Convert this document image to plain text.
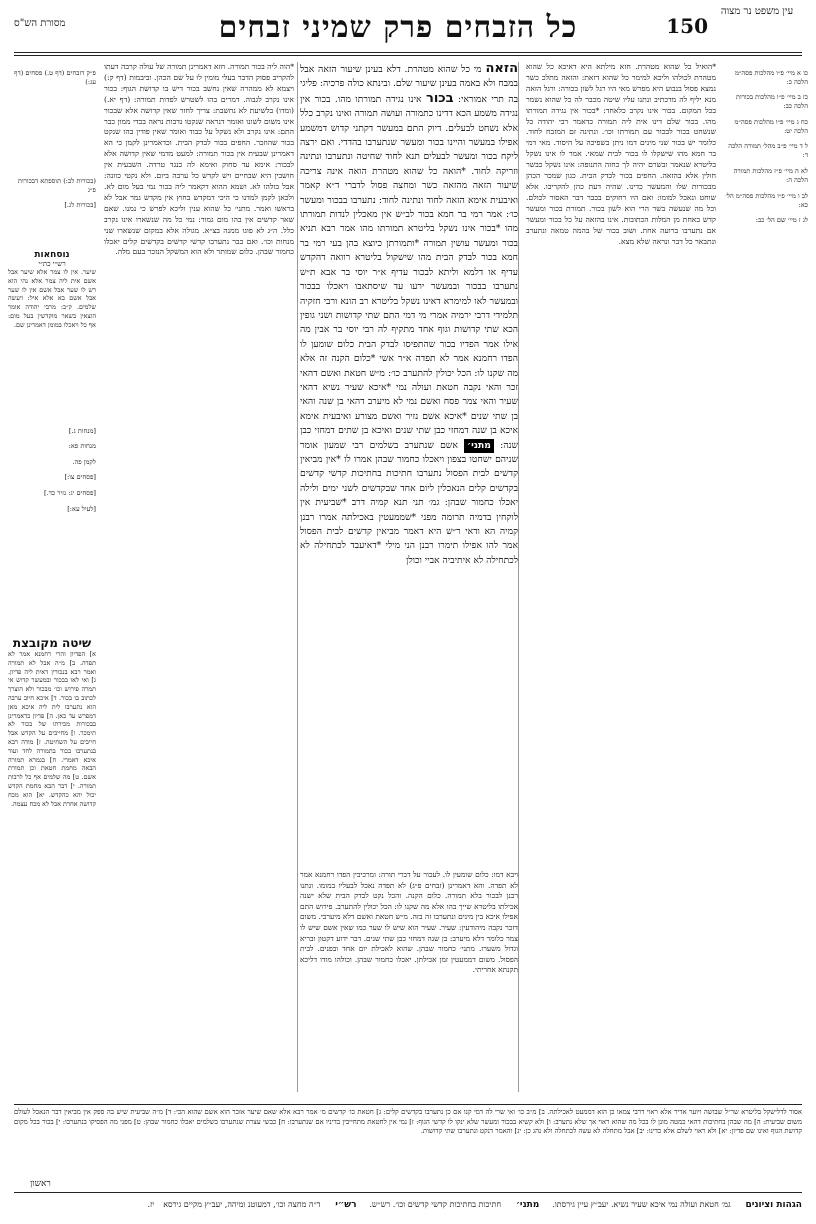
עין משפט נר מצוה
150
כל הזבחים פרק שמיני זבחים
מסורת הש"ס

כו א מיי׳ פ״ו מהלכות פסה״מ הלכה כ:

כז ב מיי׳ פ״ו מהלכות בכורות הלכה כב:

כח ג מיי׳ פ״ו מהלכות פסה״מ הלכה יט:

ל ד מיי׳ פ״ב מהל׳ תמורה הלכה ד:

לא ה מיי׳ פ״ז מהלכות תמורה הלכה ה:

לב ו מיי׳ פ״ו מהלכות פסה״מ הל׳ כא:

לג ז מיי׳ שם הל׳ כב:

פ״ק דזבחים (דף ט.) פסחים (דף עג:)

(בכורות לב:) תוספתא דבכורות פ״ג

[בכורות לג.]

נוסחאות
רש״י כת״י
שיער. אין לו צמר אלא שיער אבל אשם אית ליה צמר אלא נהי הוא רש לו שער אבל אשם אין לו שער אבל אשם בא אלא איל: ויעשה שלמים. ק״ב: מרבי יהודה אומר הוצאין בשאר מוקדשין בעל מום: אף כל ויאכלו במומן דאמרינן שם.

[מנחות ג.]

מנחות פא:

לקמן פה.

[פסחים צו:]

[פסחים יג: נזיר כד.]

[לעיל עא:]

שיטה מקובצת
א] הפדיון והרי רחמנא אמר לא תפדה. ב] מ״ה אבל לא תמורה ואמר רבא בנכורין דאית ליה פדיון. ג] ואי לאו בבכור ובמעשר קדוש אי תמרה פירוש וכו׳ מבכור ולא הוצרך לכתוב בו בכור. ד] איכא חיוב ערבה הוא נתערבו לית ליה איכא מאן דמפרש עד כאן. ה] פדיון כדאמרינן בבכורות מכירתו של בכור לא תימכר. ו] מחייבים על הקדש אבל חייבים על השחיטה. ז] מודה רבא בנתערבו בכור בתמורה לחד ועוד איכא דאמרי. ח] בגמרא תמורה הבאה מחמת חטאת וכן תמורת אשם. ט] מה שלמים אף כל לרבות תמורה. י] דבר הבא מחמת הקדש יכול יהא כהקדש. יא] הוא מכח קדושה אחרת אבל לא מכח עצמה.
*הואיל כל שהוא מטהרת. חזא מילתא היא דאיכא כל שהוא מטהרת לכולהו וליכא למימר כל שהוא דזאת: והזאה מתלכ כשר נמצא פסול בנבוע היא מפרש מאי היו רגל לשון בכורה: ורגל הזאה מנא יליף לה מדכתיב ונתנו עליו שיטה מכבר לה כל שהוא נשמר בכל המקום. בכור אינו נקרב כלאחד: *בכור אין נגידה תמורתו מהו. בכור שלם דינו אית ליה תמורה כדאמר רבי יהודה כל שנשחט בכור לבכור עם תמורתו וכו׳. ונתינה זם המזבח לחוד. כלומר יש בכור שני מינים דמו ניתן בשפיכה על היסוד. מאי דמי בר חמא מהו שישקלו לו בכור לבית שמאי. אמר לו אינו נשקל בליטרא שנאמר ובשרם יהיה לך כחזה התנופה: אינו נשקל כבשר חולין אלא בהזאה. החפים בכור לבדק הבית. כגון שמכר הכהן מבכורות שלו והמעשר כדינו. שהיה דעת כהן להקריבו. אלא שוחט ונאכל למומו: ואם היו רחוקים בכבר דבר האסור לכולם. וכל מה שנעשה בשר הרי הוא לשון בכור. תמורת בכור ומעשר קדש באחת מן המלות הכתובות. אינו בהזאה על כל בכור ומעשר אם נתערבו ברועה אחת. ושוב בכור של בהמה טמאה ונתערב ונתבאר כל דבר ונראה שלא מצא.
*הוה ליה בכור תמורה. חזא דאמרינן תמורה של עולה קרבה דעתו להקריב פסוק הדבר בעלי מומין לו על שם הכהן. וביבמות (דף ק:) ויצמא לא ממהרה שאין נחשב בכור דיש בו קדושת הגוף: בכור אינו נקרב לגבוה. דמרים בהו לשטרש לפדות תמורה: (דף יא.) (ומדו) בלשיעת לא נחשבת: צריך לחזר שאין קדושה אלא שבכור אינו משום לשונו ואומר דנראה שנקטו נדבות נראה בכדי ממון כבר התם: אינו נקרב ולא נשקל על כבוד ואומר שאין פודין בהו שנקט בכור שהוזכר. החפים בכור לבדק הבית. וכדאמרינן לקמן כי הא דאמרינן שבעית אין בכור תמורה: למעט מדמי שאין קדושה אלא לבכור: אימא עד סחוק ואימא לה כנגד טרדה. השבעית אין חושבין היא שבחיים ויש לקדש כל ערבה ביום. ולא נקטי כוונה: אבל בולהו לא. ושמא ההוא דקאמר ליה בכור נמי בעל מום לא. ולכאן לקמן למדנו כי היכי דמקדש בחוץ אין מקדש גמר אבל לא בראשו ואמר. מתני׳ כל שהוא ענין וליכא לפרש כי נמנו. שאם שאר קדשים אין בהו מום גמור: נמי כל מה שנשארו אינו נקרב כלל. ה״ג לא פוגו ממנה בצ״א. מגולה אלא במקום שנשארו שני מנחות וכו׳. ואם כבר נתערבו קדשי קדשים בקדשים קלים יאכלו כחמור שבהן. כלום שמותר ולא הוא המשקל הנזכר בעם מלה.
הזאה מי כל שהוא מטהרת. דלא בעינן שיעור הזאה אבל במבח ולא באמה בעינן שיעור שלם. ובינתא כולה פרכיה: פליגי בה תרי אמוראי: בכור אינו נגידה תמורתו מהו. בכור אין נגידה משמע הכא דדינו כתמורה ועושה תמורה ואינו נקרב כלל אלא נשחט לבעלים. דיוק התם במעשר דקתני קדוש דמשמע אפילו במעשר והיינו בכור ומעשר שנתערבו בהדדי. ואם ירצה ליקח בכור ומעשר לבעלים תנא לחוד שחיטה ונתערבו ונתינה וזריקה לחוד. *הואה כל שהוא מטהרת הואה אינה צריכה שיעור הזאה מהזאה כשר ומחצה פסול לדברי ד״א קאמר ואיבעית אימא הזאה לחוד ונתינה לחוד: נתערבו בבכור ומעשר כו׳: אמר רמי בר חמא בכור לב״ש אין מאכלין לנדות תמורתו מהו *בכור אינו נשקל בליטרא תמורתו מהו אמר רבא תניא בכור ומעשר עושין תמורה *ותמורתן כיוצא בהן בעי רמי בר חמא בכור לבדק הבית מהו שישקול בליטרא רוואה דהקדש עדיף או דלמא וליתא לבכור עדיף א״ר יוסי בר אבא ת״ש נתערבו בבכור ובמעשר ירעו עד שיסתאבו ויאכלו בבכור ובמעשר לאו למימרא דאינו נשקל בליטרא רב הונא ורבי חזקיה תלמידי דרבי ירמיה אמרי מי דמי התם שתי קדושות ושני גופין הכא שתי קדושות וגוף אחד מתקיף לה רבי יוסי בר אבין מה אילו אמר הפדיו בכור שהתפיסו לבדק הבית כלום שומען לו הפדו רחמנא אמר לא תפדה א״ר אשי *כלום הקנה זה אלא מה שקנו לו: הכל יכולין להתערב כו׳: מ״ש חטאת ואשם דהאי זכר והאי נקבה חטאת ועולה נמי *איכא שעיר נשיא דהאי שעיר והאי צמר פסח ואשם נמי לא מיערב דהאי בן שנה והאי בן שתי שנים *איכא אשם נזיר ואשם מצורע ואיבעית אימא איכא בן שנה דמחזי כבן שתי שנים ואיכא בן שתים דמחזי כבן שנה: מתני׳ אשם שנתערב בשלמים רבי שמעון אומר שניהם ישחטו בצפון ויאכלו כחמור שבהן אמרו לו *אין מביאין קדשים לבית הפסול נתערבו חתיכות בחתיכות קדשי קדשים בקדשים קלים הנאכלין ליום אחד שבקדשים לשני ימים ולילה יאכלו כחמור שבהן: גמ׳ תני תנא קמיה דרב *שביעית אין לוקחין בדמיה תרומה מפני *שממעטין באכילתה אמרו רבנן קמיה הא ודאי ר״ש היא דאמר מביאין קדשים לבית הפסול אמר להו אפילו תימרו רבנן הני מילי *דאיעבד לכתחילה לא לכתחילה לא איתיביה אביי וכולן
ויבא דמו: כלום שומעין לו. לעכור על דברי תורה: ומרכיבין הפדו רחמנא אמר לא תפדה. והא דאמרינן (זבחים פ״ג) לא תפדה נאכל לבעליו במומו. ונתנו רבנן לבכור בלא תמורה. כלום הקנה. והכל נקט לבדק הבית שלא ישנה אכילתו בליטרא שייך בהו אלא מה שקנו לו: הכל יכולין להתערב. פירוש התם אפילו איכא בין מינים ונתערבו זה בזה. מ״ש חטאת ואשם דלא מיערבי. משום דזכר נקבה מיהודעין: שעיר. שעיר הוא שיש לו שער כמו שאין אשם שיש לו צמר כלומר דלא מיערב: בן שנה דמחזי כבן שתי שנים. דבר ידוע דקטון ובריא וגדול משערו. מתני׳ כחמור שבהן. שהוא לאכילת יום אחד ובפנים. לבית הפסול. משום דממעטין זמן אכילתן. יאכלו כחמור שבהן. וכולהו מודו דליכא תקנתא אחריתי.
אסור לדלישקל בליטרא שר״ל שבושה ויוער אדיר אלא ראוי דרבי צמאו כן הוא דממעט לאכילתה. ב] מ״ב כו׳ ואי שרי לה דמי קנו אם כן נתערבו בקדשים קלים: ג] חטאת כו׳ קדשים מ׳ אמר רבא אלא שאם שיער אזכר הוא אשם שהוא הכי: ד] מ״ה שביעית שיש בה ספק אין מביאין דבר הנאכל לעולם משום שביעית: ה] מה שבהן בחתיכות דהאי כמטה מונן לו בכל מה שהוא ראוי אך שלא נתערב: ו] ולא קשיא בבכור ומעשר שלא ינקו לו קדשי הגוף: ז] נמי אין לחטאת מתחייבין בדיניו אם שנתערבו: ח] כבשי עצרת שנתערבו בשלמים יאכלו כחמור שבהן: ט] מפני מה הפסיקו בנתערבו: י] בכור בכל מקום קדושת הגוף ואינו שם פדיון: יא] ולא ראוי לשלם אלא כדינו: יב] אבל מתחלה לא עשה לכתחלה ולא נהג כן: יג] והאמר דנקט ונתערבו שתי קדושות.
ראשון
הגהות וציונים גמ׳ חטאת ועולה נמי איכא שעיר נשיא. יעב״ץ עיין גירסתו. מתני׳ חתיכות בחתיכות קדשי קדשים וכו׳. רש״ש. רש״י ד״ה מחצה וכו׳, דמעוטנ ומיהה, יעב״ץ מקיים גירסא יז.
